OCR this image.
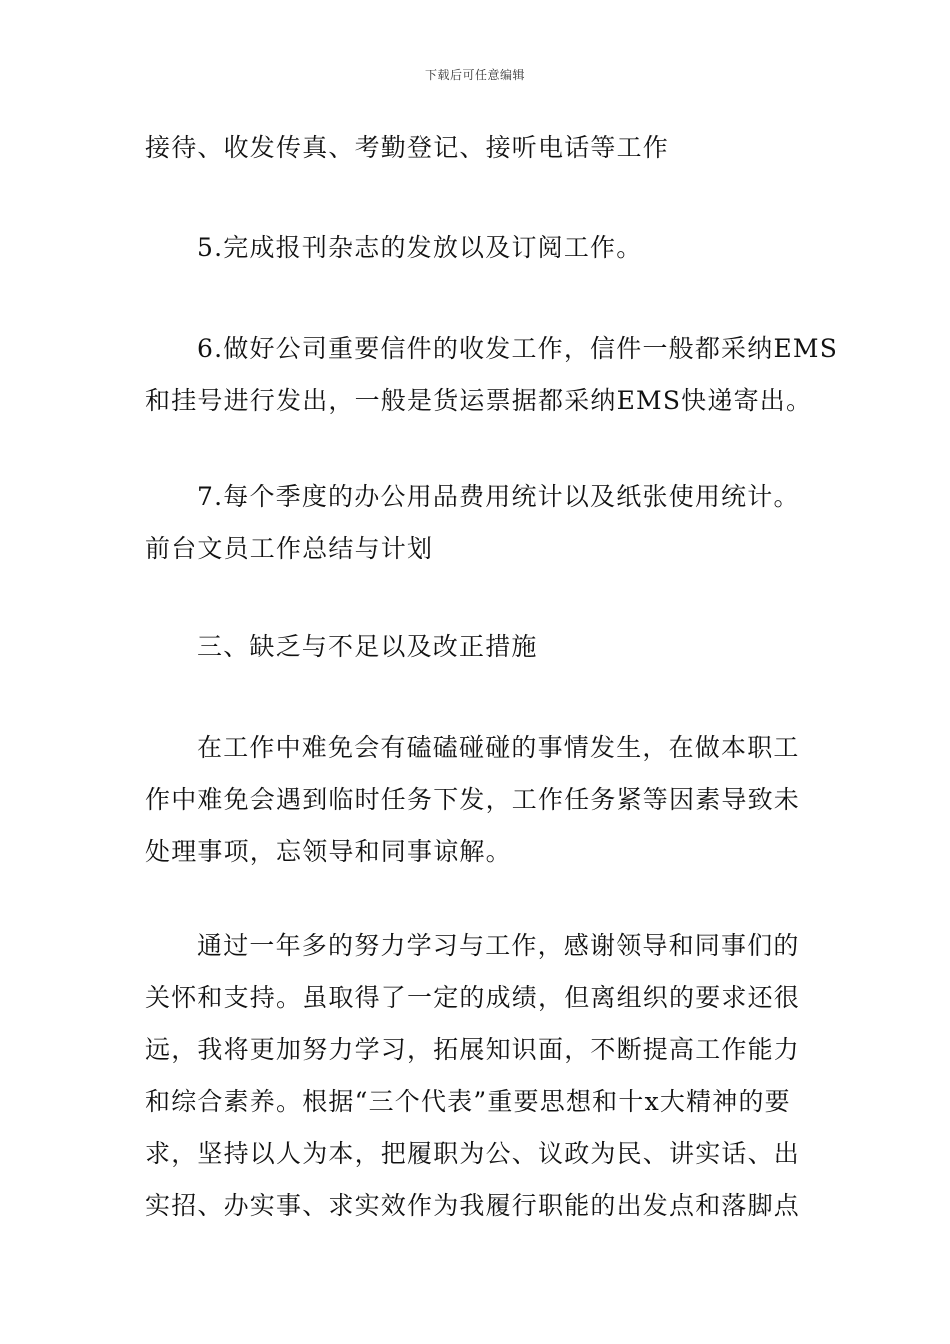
下载后可任意编辑

接待、收发传真、考勤登记、接听电话等工作

5.完成报刊杂志的发放以及订阅工作。

6.做好公司重要信件的收发工作，信件一般都采纳EMS
和挂号进行发出，一般是货运票据都采纳EMS快递寄出。

7.每个季度的办公用品费用统计以及纸张使用统计。
前台文员工作总结与计划

三、缺乏与不足以及改正措施

在工作中难免会有磕磕碰碰的事情发生，在做本职工
作中难免会遇到临时任务下发，工作任务紧等因素导致未
处理事项，忘领导和同事谅解。

通过一年多的努力学习与工作，感谢领导和同事们的
关怀和支持。虽取得了一定的成绩，但离组织的要求还很
远，我将更加努力学习，拓展知识面，不断提高工作能力
和综合素养。根据“三个代表”重要思想和十x大精神的要
求，坚持以人为本，把履职为公、议政为民、讲实话、出
实招、办实事、求实效作为我履行职能的出发点和落脚点
